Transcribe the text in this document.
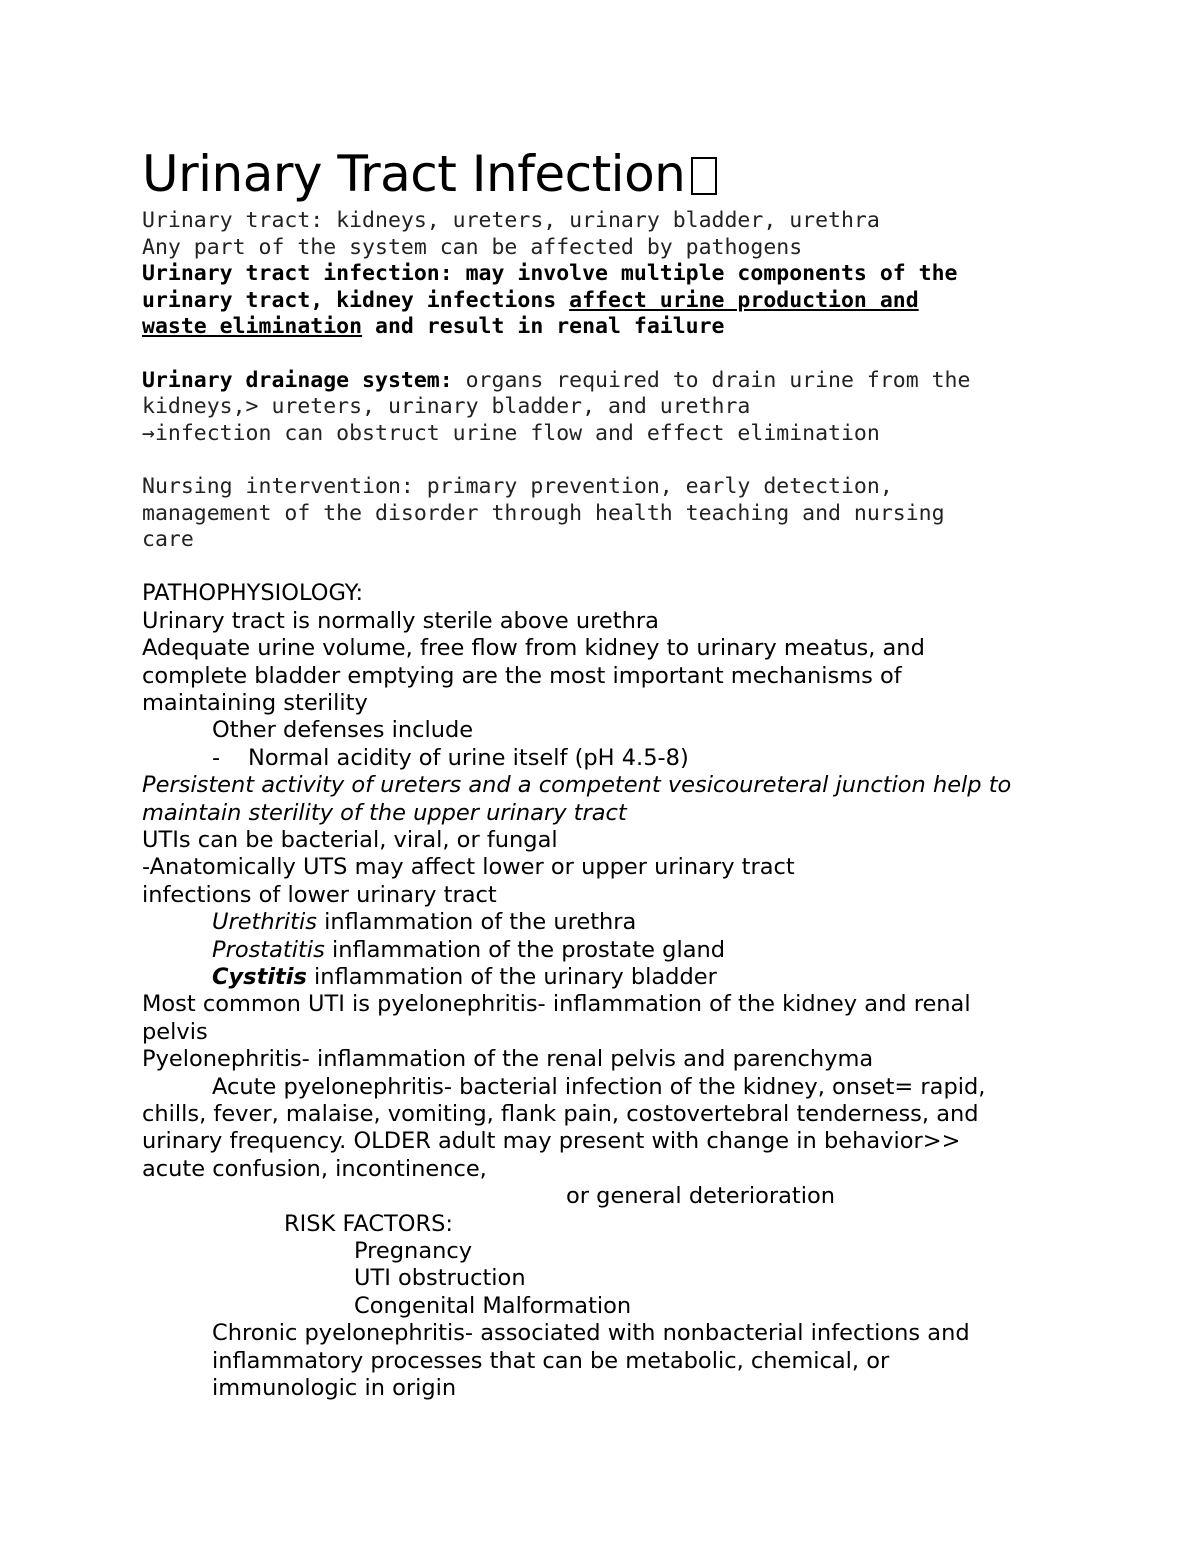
Urinary Tract Infection

Urinary tract: kidneys, ureters, urinary bladder, urethra

Any part of the system can be affected by pathogens

Urinary tract infection: may involve multiple components of the

urinary tract, kidney infections affect urine production and

waste elimination and result in renal failure

Urinary drainage system: organs required to drain urine from the

kidneys,> ureters, urinary bladder, and urethra

→infection can obstruct urine flow and effect elimination

Nursing intervention: primary prevention, early detection,

management of the disorder through health teaching and nursing

care

PATHOPHYSIOLOGY:

Urinary tract is normally sterile above urethra

Adequate urine volume, free flow from kidney to urinary meatus, and

complete bladder emptying are the most important mechanisms of

maintaining sterility

Other defenses include

- Normal acidity of urine itself (pH 4.5-8)

Persistent activity of ureters and a competent vesicoureteral junction help to

maintain sterility of the upper urinary tract

UTIs can be bacterial, viral, or fungal

-Anatomically UTS may affect lower or upper urinary tract

infections of lower urinary tract

Urethritis inflammation of the urethra

Prostatitis inflammation of the prostate gland

Cystitis inflammation of the urinary bladder

Most common UTI is pyelonephritis- inflammation of the kidney and renal

pelvis

Pyelonephritis- inflammation of the renal pelvis and parenchyma

Acute pyelonephritis- bacterial infection of the kidney, onset= rapid,

chills, fever, malaise, vomiting, flank pain, costovertebral tenderness, and

urinary frequency. OLDER adult may present with change in behavior>>

acute confusion, incontinence,

or general deterioration

RISK FACTORS:

Pregnancy

UTI obstruction

Congenital Malformation

Chronic pyelonephritis- associated with nonbacterial infections and

inflammatory processes that can be metabolic, chemical, or

immunologic in origin
